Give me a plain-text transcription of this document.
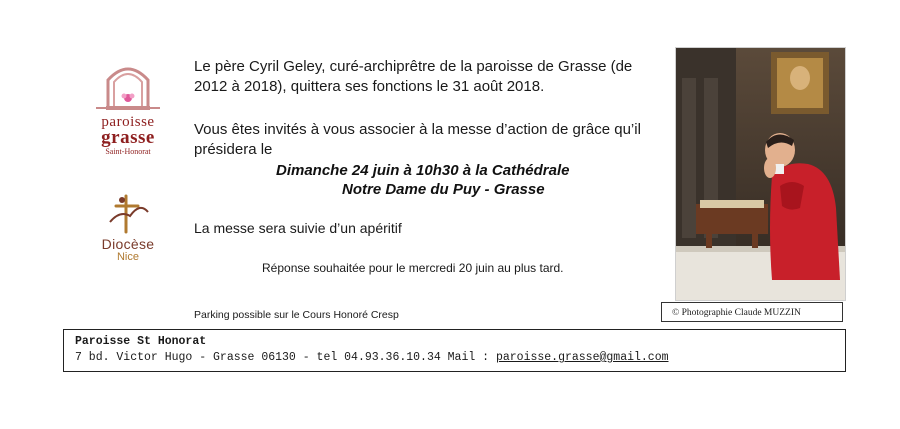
paroisse
grasse
Saint-Honorat
Diocèse
Nice
Le père Cyril Geley, curé-archiprêtre de la paroisse de Grasse (de 2012 à 2018), quittera ses fonctions le 31 août 2018.
Vous êtes invités à vous associer à la messe d’action de grâce qu’il présidera le
Dimanche 24 juin à 10h30 à la Cathédrale
Notre Dame du Puy - Grasse
La messe sera suivie d’un apéritif
Réponse souhaitée pour le mercredi 20 juin au plus tard.
Parking possible sur le Cours Honoré Cresp	© Photographie Claude MUZZIN
Paroisse St Honorat
7 bd. Victor Hugo - Grasse 06130 - tel 04.93.36.10.34 Mail : paroisse.grasse@gmail.com
